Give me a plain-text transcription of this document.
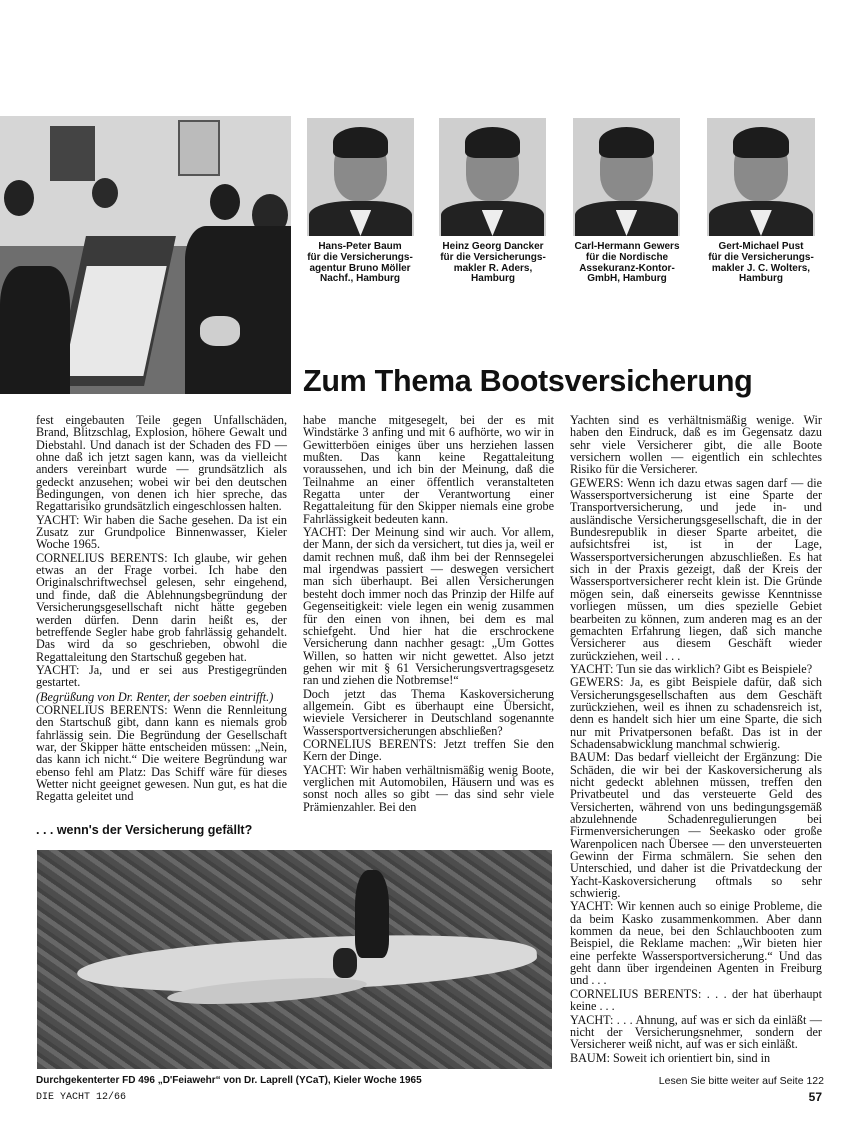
Hans-Peter Baum
für die Versicherungs-
agentur Bruno Möller
Nachf., Hamburg
Heinz Georg Dancker
für die Versicherungs-
makler R. Aders,
Hamburg
Carl-Hermann Gewers
für die Nordische
Assekuranz-Kontor-
GmbH, Hamburg
Gert-Michael Pust
für die Versicherungs-
makler J. C. Wolters,
Hamburg
Zum Thema Bootsversicherung

fest eingebauten Teile gegen Unfallschäden, Brand, Blitzschlag, Explosion, höhere Gewalt und Diebstahl. Und danach ist der Schaden des FD — ohne daß ich jetzt sagen kann, was da vielleicht anders vereinbart wurde — grundsätzlich als gedeckt anzusehen; wobei wir bei den deutschen Bedingungen, von denen ich hier spreche, das Regattarisiko grundsätzlich eingeschlossen halten.

YACHT: Wir haben die Sache gesehen. Da ist ein Zusatz zur Grundpolice Binnenwasser, Kieler Woche 1965.

CORNELIUS BERENTS: Ich glaube, wir gehen etwas an der Frage vorbei. Ich habe den Originalschriftwechsel gelesen, sehr eingehend, und finde, daß die Ablehnungsbegründung der Versicherungsgesellschaft nicht hätte gegeben werden dürfen. Denn darin heißt es, der betreffende Segler habe grob fahrlässig gehandelt. Das wird da so geschrieben, obwohl die Regattaleitung den Startschuß gegeben hat.

YACHT: Ja, und er sei aus Prestigegründen gestartet.

(Begrüßung von Dr. Renter, der soeben eintrifft.)

CORNELIUS BERENTS: Wenn die Rennleitung den Startschuß gibt, dann kann es niemals grob fahrlässig sein. Die Begründung der Gesellschaft war, der Skipper hätte entscheiden müssen: „Nein, das kann ich nicht.“ Die weitere Begründung war ebenso fehl am Platz: Das Schiff wäre für dieses Wetter nicht geeignet gewesen. Nun gut, es hat die Regatta geleitet und

habe manche mitgesegelt, bei der es mit Windstärke 3 anfing und mit 6 aufhörte, wo wir in Gewitterböen einiges über uns herziehen lassen mußten. Das kann keine Regattaleitung voraussehen, und ich bin der Meinung, daß die Teilnahme an einer öffentlich veranstalteten Regatta unter der Verantwortung einer Regattaleitung für den Skipper niemals eine grobe Fahrlässigkeit bedeuten kann.

YACHT: Der Meinung sind wir auch. Vor allem, der Mann, der sich da versichert, tut dies ja, weil er damit rechnen muß, daß ihm bei der Rennsegelei mal irgendwas passiert — deswegen versichert man sich überhaupt. Bei allen Versicherungen besteht doch immer noch das Prinzip der Hilfe auf Gegenseitigkeit: viele legen ein wenig zusammen für den einen von ihnen, bei dem es mal schiefgeht. Und hier hat die erschrockene Versicherung dann nachher gesagt: „Um Gottes Willen, so hatten wir nicht gewettet. Also jetzt gehen wir mit § 61 Versicherungsvertragsgesetz ran und ziehen die Notbremse!“

Doch jetzt das Thema Kaskoversicherung allgemein. Gibt es überhaupt eine Übersicht, wieviele Versicherer in Deutschland sogenannte Wassersportversicherungen abschließen?

CORNELIUS BERENTS: Jetzt treffen Sie den Kern der Dinge.

YACHT: Wir haben verhältnismäßig wenig Boote, verglichen mit Automobilen, Häusern und was es sonst noch alles so gibt — das sind sehr viele Prämienzahler. Bei den

Yachten sind es verhältnismäßig wenige. Wir haben den Eindruck, daß es im Gegensatz dazu sehr viele Versicherer gibt, die alle Boote versichern wollen — eigentlich ein schlechtes Risiko für die Versicherer.

GEWERS: Wenn ich dazu etwas sagen darf — die Wassersportversicherung ist eine Sparte der Transportversicherung, und jede in- und ausländische Versicherungsgesellschaft, die in der Bundesrepublik in dieser Sparte arbeitet, die aufsichtsfrei ist, ist in der Lage, Wassersportversicherungen abzuschließen. Es hat sich in der Praxis gezeigt, daß der Kreis der Wassersportversicherer recht klein ist. Die Gründe mögen sein, daß einerseits gewisse Kenntnisse vorliegen müssen, um dies spezielle Gebiet bearbeiten zu können, zum anderen mag es an der gemachten Erfahrung liegen, daß sich manche Versicherer aus diesem Geschäft wieder zurückziehen, weil . . .

YACHT: Tun sie das wirklich? Gibt es Beispiele?

GEWERS: Ja, es gibt Beispiele dafür, daß sich Versicherungsgesellschaften aus dem Geschäft zurückziehen, weil es ihnen zu schadensreich ist, denn es handelt sich hier um eine Sparte, die sich nur mit Privatpersonen befaßt. Das ist in der Schadensabwicklung manchmal schwierig.

BAUM: Das bedarf vielleicht der Ergänzung: Die Schäden, die wir bei der Kaskoversicherung als nicht gedeckt ablehnen müssen, treffen den Privatbeutel und das versteuerte Geld des Versicherten, während von uns bedingungsgemäß abzulehnende Schadenregulierungen bei Firmenversicherungen — Seekasko oder große Warenpolicen nach Übersee — den unversteuerten Gewinn der Firma schmälern. Sie sehen den Unterschied, und daher ist die Privatdeckung der Yacht-Kaskoversicherung oftmals so sehr schwierig.

YACHT: Wir kennen auch so einige Probleme, die da beim Kasko zusammenkommen. Aber dann kommen da neue, bei den Schlauchbooten zum Beispiel, die Reklame machen: „Wir bieten hier eine perfekte Wassersportversicherung.“ Und das geht dann über irgendeinen Agenten in Freiburg und . . .

CORNELIUS BERENTS: . . . der hat überhaupt keine . . .

YACHT: . . . Ahnung, auf was er sich da einläßt — nicht der Versicherungsnehmer, sondern der Versicherer weiß nicht, auf was er sich einläßt.

BAUM: Soweit ich orientiert bin, sind in

. . . wenn's der Versicherung gefällt?
Durchgekenterter FD 496 „D'Feiawehr“ von Dr. Laprell (YCaT), Kieler Woche 1965	Lesen Sie bitte weiter auf Seite 122
DIE YACHT 12/66	57
